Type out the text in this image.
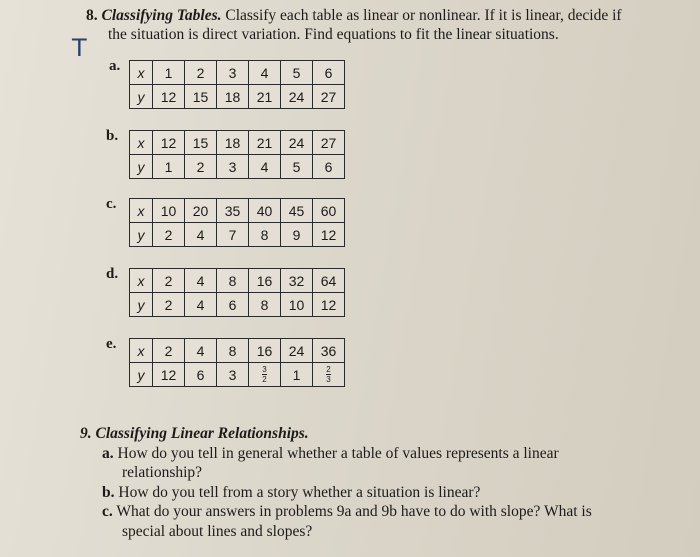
T
8. Classifying Tables. Classify each table as linear or nonlinear. If it is linear, decide if
the situation is direct variation. Find equations to fit the linear situations.
a. x	1	2	3	4	5	6
y	12	15	18	21	24	27
b. x	12	15	18	21	24	27
y	1	2	3	4	5	6
c. x	10	20	35	40	45	60
y	2	4	7	8	9	12
d. x	2	4	8	16	32	64
y	2	4	6	8	10	12
e. x	2	4	8	16	24	36
y	12	6	3	$\frac{3}{2}$	1	$\frac{2}{3}$
9. Classifying Linear Relationships.
a. How do you tell in general whether a table of values represents a linear
relationship?
b. How do you tell from a story whether a situation is linear?
c. What do your answers in problems 9a and 9b have to do with slope? What is
special about lines and slopes?
